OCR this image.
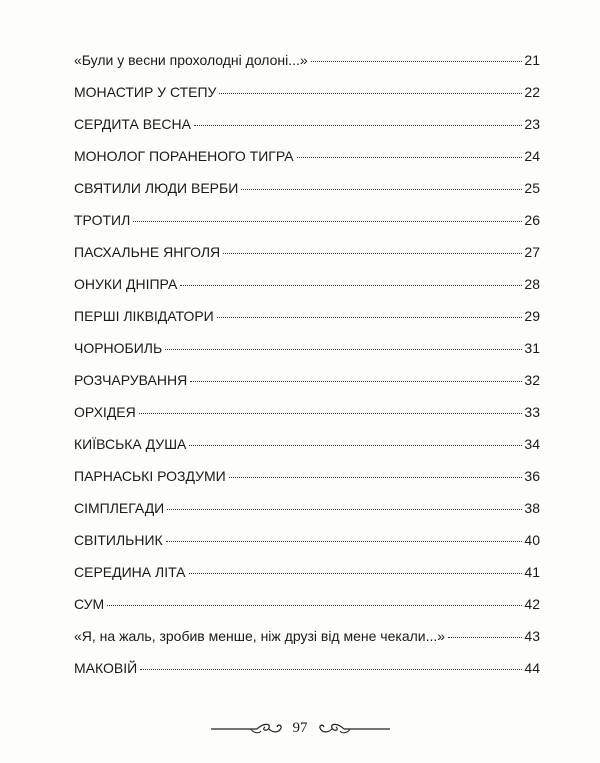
«Були у весни прохолодні долоні...»	21
МОНАСТИР У СТЕПУ	22
СЕРДИТА ВЕСНА	23
МОНОЛОГ ПОРАНЕНОГО ТИГРА	24
СВЯТИЛИ ЛЮДИ ВЕРБИ	25
ТРОТИЛ	26
ПАСХАЛЬНЕ ЯНГОЛЯ	27
ОНУКИ ДНІПРА	28
ПЕРШІ ЛІКВІДАТОРИ	29
ЧОРНОБИЛЬ	31
РОЗЧАРУВАННЯ	32
ОРХІДЕЯ	33
КИЇВСЬКА ДУША	34
ПАРНАСЬКІ РОЗДУМИ	36
СІМПЛЕГАДИ	38
СВІТИЛЬНИК	40
СЕРЕДИНА ЛІТА	41
СУМ	42
«Я, на жаль, зробив менше, ніж друзі від мене чекали...»	43
МАКОВІЙ	44
97
